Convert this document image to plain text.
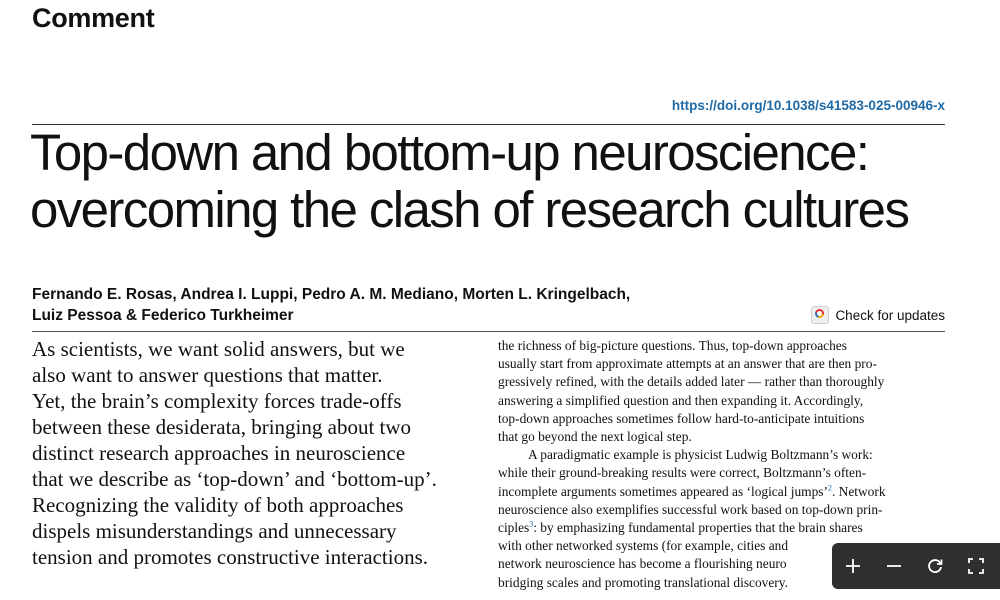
Comment
https://doi.org/10.1038/s41583-025-00946-x
Top-down and bottom-up neuroscience:
overcoming the clash of research cultures
Fernando E. Rosas, Andrea I. Luppi, Pedro A. M. Mediano, Morten L. Kringelbach,
Luiz Pessoa & Federico Turkheimer	Check for updates
As scientists, we want solid answers, but we
also want to answer questions that matter.
Yet, the brain’s complexity forces trade-offs
between these desiderata, bringing about two
distinct research approaches in neuroscience
that we describe as ‘top-down’ and ‘bottom-up’.
Recognizing the validity of both approaches
dispels misunderstandings and unnecessary
tension and promotes constructive interactions.
the richness of big-picture questions. Thus, top-down approaches
usually start from approximate attempts at an answer that are then pro-
gressively refined, with the details added later — rather than thoroughly
answering a simplified question and then expanding it. Accordingly,
top-down approaches sometimes follow hard-to-anticipate intuitions
that go beyond the next logical step.
A paradigmatic example is physicist Ludwig Boltzmann’s work:
while their ground-breaking results were correct, Boltzmann’s often-
incomplete arguments sometimes appeared as ‘logical jumps’$^2$. Network
neuroscience also exemplifies successful work based on top-down prin-
ciples$^3$: by emphasizing fundamental properties that the brain shares
with other networked systems (for example, cities and
network neuroscience has become a flourishing neuro
bridging scales and promoting translational discovery.
